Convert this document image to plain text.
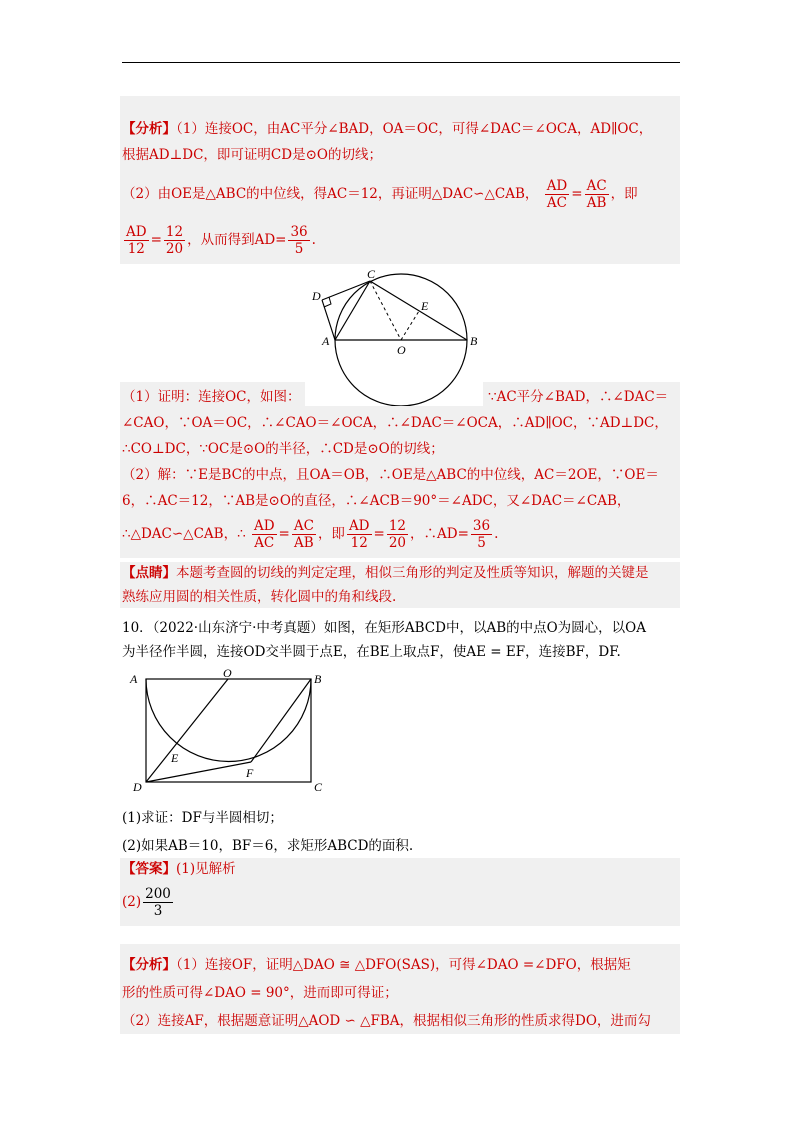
【分析】（1）连接OC，由AC平分∠BAD，OA＝OC，可得∠DAC＝∠OCA，AD∥OC，
根据AD⊥DC，即可证明CD是⊙O的切线；
（2）由OE是△ABC的中位线，得AC＝12，再证明△DAC∽△CAB， $\frac{AD}{AC} = \frac{AC}{AB}$ ，即
$\frac{AD}{12} = \frac{12}{20}$ ，从而得到$AD= \frac{36}{5}$ .
C
D
E
A
O
B
（1）证明：连接OC，如图：	∵AC平分∠BAD，∴∠DAC＝
∠CAO，∵OA＝OC，∴∠CAO＝∠OCA，∴∠DAC＝∠OCA，∴AD∥OC，∵AD⊥DC，
∴CO⊥DC，∵OC是⊙O的半径，∴CD是⊙O的切线；
（2）解：∵E是BC的中点，且OA＝OB，∴OE是△ABC的中位线，AC＝2OE，∵OE＝
6，∴AC＝12，∵AB是⊙O的直径，∴∠ACB＝90°＝∠ADC，又∠DAC＝∠CAB，
∴△DAC∽△CAB，∴ $\frac{AD}{AC} = \frac{AC}{AB}$ ，即 $\frac{AD}{12} = \frac{12}{20}$ ，∴AD= $\frac{36}{5}$ .
【点睛】本题考查圆的切线的判定定理，相似三角形的判定及性质等知识，解题的关键是
熟练应用圆的相关性质，转化圆中的角和线段.
10．（2022·山东济宁·中考真题）如图，在矩形ABCD中，以AB的中点O为圆心，以OA
为半径作半圆，连接OD交半圆于点E，在BE上取点F，使AE = EF，连接BF，DF.
A	O	B
E
F
D	C
(1)求证：DF与半圆相切；
(2)如果AB＝10，BF＝6，求矩形ABCD的面积.
【答案】(1)见解析
$(2) \frac{200}{3}$
【分析】（1）连接OF，证明△DAO ≅ △DFO(SAS)，可得∠DAO =∠DFO，根据矩
形的性质可得∠DAO = 90°，进而即可得证；
（2）连接AF，根据题意证明△AOD ∽ △FBA，根据相似三角形的性质求得DO，进而勾
